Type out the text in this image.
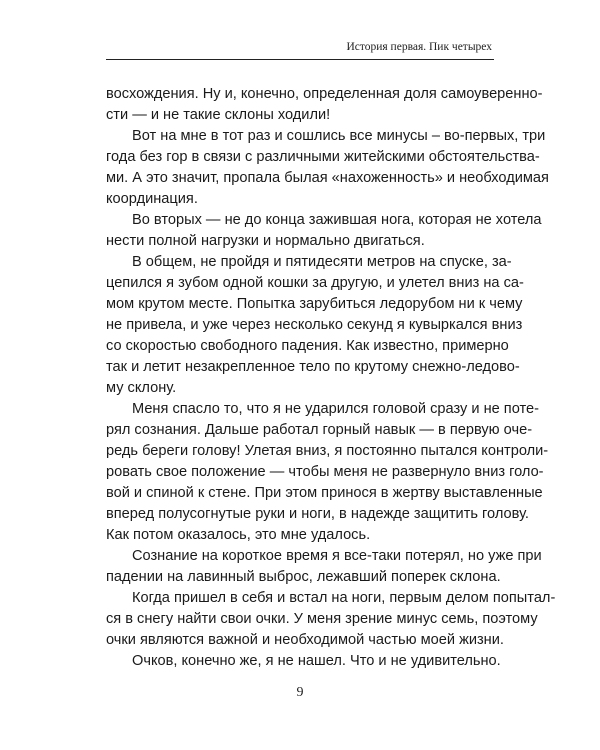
История первая. Пик четырех

восхождения. Ну и, конечно, определенная доля самоуверенно-
сти — и не такие склоны ходили!

Вот на мне в тот раз и сошлись все минусы – во-первых, три
года без гор в связи с различными житейскими обстоятельства-
ми. А это значит, пропала былая «нахоженность» и необходимая
координация.

Во вторых — не до конца зажившая нога, которая не хотела
нести полной нагрузки и нормально двигаться.

В общем, не пройдя и пятидесяти метров на спуске, за-
цепился я зубом одной кошки за другую, и улетел вниз на са-
мом крутом месте. Попытка зарубиться ледорубом ни к чему
не привела, и уже через несколько секунд я кувыркался вниз
со скоростью свободного падения. Как известно, примерно
так и летит незакрепленное тело по крутому снежно-ледово-
му склону.

Меня спасло то, что я не ударился головой сразу и не поте-
рял сознания. Дальше работал горный навык — в первую оче-
редь береги голову! Улетая вниз, я постоянно пытался контроли-
ровать свое положение — чтобы меня не развернуло вниз голо-
вой и спиной к стене. При этом принося в жертву выставленные
вперед полусогнутые руки и ноги, в надежде защитить голову.
Как потом оказалось, это мне удалось.

Сознание на короткое время я все-таки потерял, но уже при
падении на лавинный выброс, лежавший поперек склона.

Когда пришел в себя и встал на ноги, первым делом попытал-
ся в снегу найти свои очки. У меня зрение минус семь, поэтому
очки являются важной и необходимой частью моей жизни.

Очков, конечно же, я не нашел. Что и не удивительно.

9
